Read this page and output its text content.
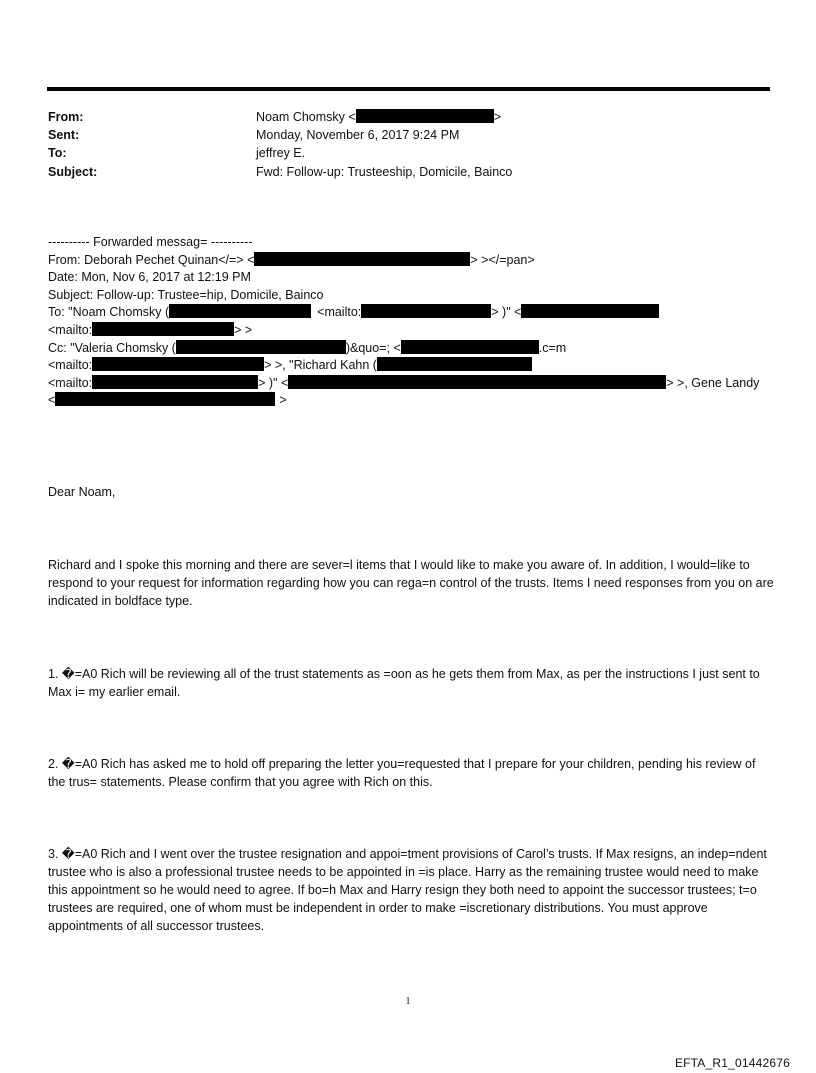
From:	Noam Chomsky <	>
Sent:	Monday, November 6, 2017 9:24 PM
To:	jeffrey E.
Subject:	Fwd: Follow-up: Trusteeship, Domicile, Bainco
---------- Forwarded messag= ----------
From: Deborah Pechet Quinan</=> <	> ></=pan>
Date: Mon, Nov 6, 2017 at 12:19 PM
Subject: Follow-up: Trustee=hip, Domicile, Bainco
To: "Noam Chomsky (	<mailto:	> )" <
<mailto:	> >
Cc: "Valeria Chomsky (	)&quo=; <	.c=m
<mailto:	> >, "Richard Kahn (
<mailto:	> )" <	> >, Gene Landy
<	>
Dear Noam,
Richard and I spoke this morning and there are sever=l items that I would like to make you aware of. In addition, I would=like to respond to your request for information regarding how you can rega=n control of the trusts. Items I need responses from you on are indicated in boldface type.
1. �=A0 Rich will be reviewing all of the trust statements as =oon as he gets them from Max, as per the instructions I just sent to Max i= my earlier email.
2. �=A0 Rich has asked me to hold off preparing the letter you=requested that I prepare for your children, pending his review of the trus= statements. Please confirm that you agree with Rich on this.
3. �=A0 Rich and I went over the trustee resignation and appoi=tment provisions of Carol’s trusts. If Max resigns, an indep=ndent trustee who is also a professional trustee needs to be appointed in =is place. Harry as the remaining trustee would need to make this appointment so he would need to agree. If bo=h Max and Harry resign they both need to appoint the successor trustees; t=o trustees are required, one of whom must be independent in order to make =iscretionary distributions. You must approve appointments of all successor trustees.
1
EFTA_R1_01442676
